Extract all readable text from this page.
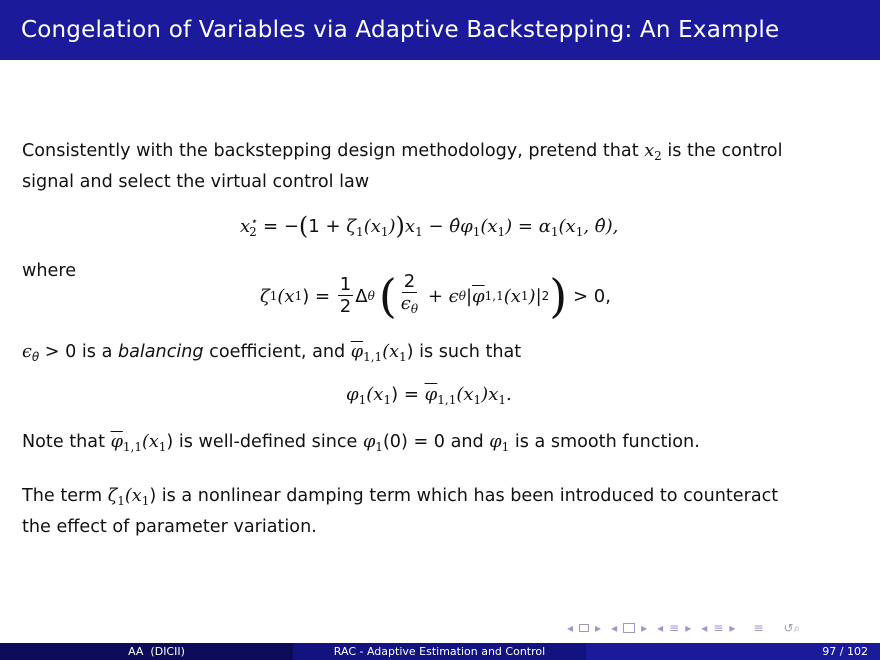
Congelation of Variables via Adaptive Backstepping: An Example
Consistently with the backstepping design methodology, pretend that $x_2$ is the control
signal and select the virtual control law
$x_2^⋆ = -(1 + \zeta_1(x_1))x_1$ − $\thetâ\varphi_1(x_1) = \alpha_1(x_1$, θ̂),
where
ζ 1 (x 1 ) = $\frac{1}{2}$ Δ θ ( $\frac{2}{\epsilon_\theta} + \epsilon$ θ | $\overline{\varphi}$ 1,1 (x 1 )| 2 ) > 0,
$\epsilon_\theta > 0$ is a balancing coefficient, and $\overline{\varphi}_{1,1}(x_1)$ is such that
$\varphi_1(x_1) = \overline{\varphi}_{1,1}(x_1)x_1$.
Note that $\overline{\varphi}_{1,1}(x_1)$ is well-defined since $\varphi_1(0) = 0$ and $\varphi_1$ is a smooth function.
The term $\zeta_1(x_1)$ is a nonlinear damping term which has been introduced to counteract
the effect of parameter variation.
◂ ▸ ◂ ▸ ◂ ≡ ▸ ◂ ≡ ▸ ≡ ↺⌕
AA  (DICII)	RAC - Adaptive Estimation and Control	97 / 102
